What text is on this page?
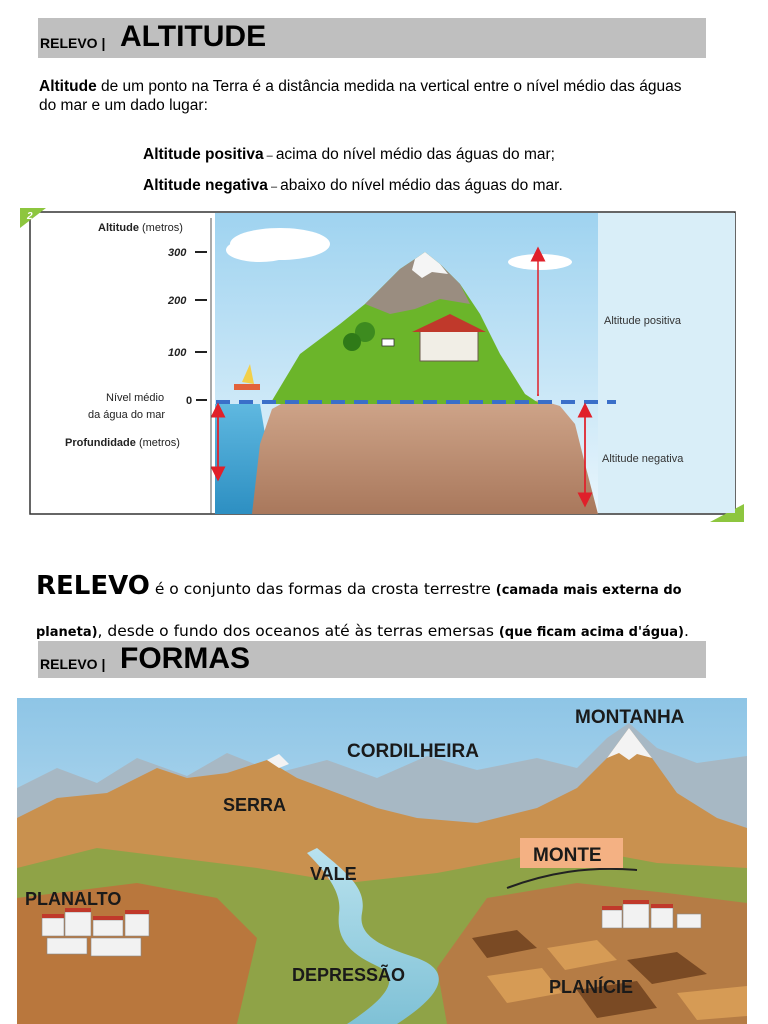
RELEVO | ALTITUDE
Altitude de um ponto na Terra é a distância medida na vertical entre o nível médio das águas do mar e um dado lugar:
Altitude positiva – acima do nível médio das águas do mar;
Altitude negativa – abaixo do nível médio das águas do mar.
2
Altitude (metros)
300
200
100
0
Nível médio
da água do mar
Profundidade (metros)
Altitude positiva
Altitude negativa
RELEVO é o conjunto das formas da crosta terrestre (camada mais externa do planeta), desde o fundo dos oceanos até às terras emersas (que ficam acima d'água).
RELEVO | FORMAS
MONTANHA
CORDILHEIRA
SERRA
MONTE
VALE
PLANALTO
DEPRESSÃO
PLANÍCIE
